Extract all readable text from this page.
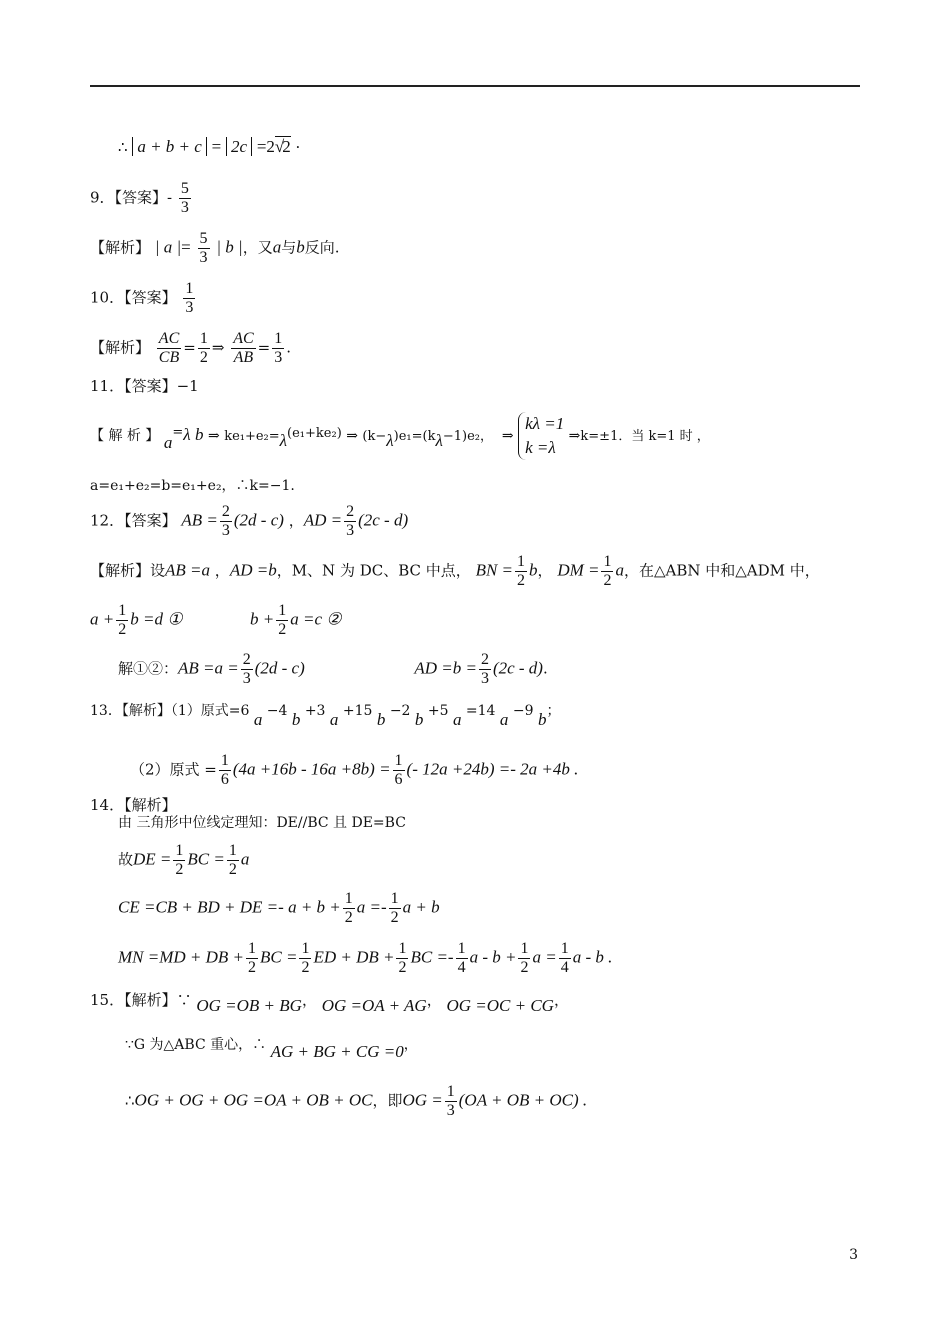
∴ a + b + c = 2c =2√2 ·
9．【答案】- $\frac{5}{3}$
【解析】 | a |= $\frac{5}{3}$ | b |，又a与b反向.
10．【答案】 $\frac{1}{3}$
【解析】 $\frac{AC}{CB} = \frac{1}{2}$ ⇒ $\frac{AC}{AB} = \frac{1}{3}$ .
11．【答案】−1
【 解 析 】 a=λ b ⇒ ke₁+e₂=λ(e₁+ke₂) ⇒ (k−λ)e₁=(kλ−1)e₂， ⇒
kλ =1
k =λ
⇒k=±1．当 k=1 时 ，
a=e₁+e₂=b=e₁+e₂，∴k=−1.
12．【答案】 AB = $\frac{2}{3} (2d - c)$ ，AD = $\frac{2}{3} (2c - d)$
【解析】设AB =a ，AD =b，M、N 为 DC、BC 中点， BN = $\frac{1}{2}$ b， DM = $\frac{1}{2}$ a，在△ABN 中和△ADM 中，
$a + \frac{1}{2}$ b =d ①	$b + \frac{1}{2}$ a =c ②
解①②：AB $=a = \frac{2}{3} (2d - c)$	AD $=b = \frac{2}{3} (2c - d)$.
13．【解析】（1）原式=6 a −4 b +3 a +15 b −2 b +5 a =14 a −9 b；
（2）原式 = $\frac{1}{6} (4a +16b - 16a +8b) = \frac{1}{6}$ (- 12a +24b) =- 2a +4b .
14．【解析】
由 三角形中位线定理知：DE//BC 且 DE=BC
故DE = $\frac{1}{2}$ BC = $\frac{1}{2}$ a
CE =CB + BD + DE =- $a + b + \frac{1}{2}$ $a =- \frac{1}{2}$ a + b
MN =MD + DB + $\frac{1}{2}$ BC = $\frac{1}{2}$ ED + DB + $\frac{1}{2}$ BC =- $\frac{1}{4}$ $a - b + \frac{1}{2}$ $a = \frac{1}{4}$ a - b .
15．【解析】∵ OG =OB + BG， OG =OA + AG， OG =OC + CG，
∵G 为△ABC 重心，∴ AG + BG + CG =0，
∴OG + OG + OG =OA + OB + OC，即OG = $\frac{1}{3} (OA$ + OB + OC) .
3
